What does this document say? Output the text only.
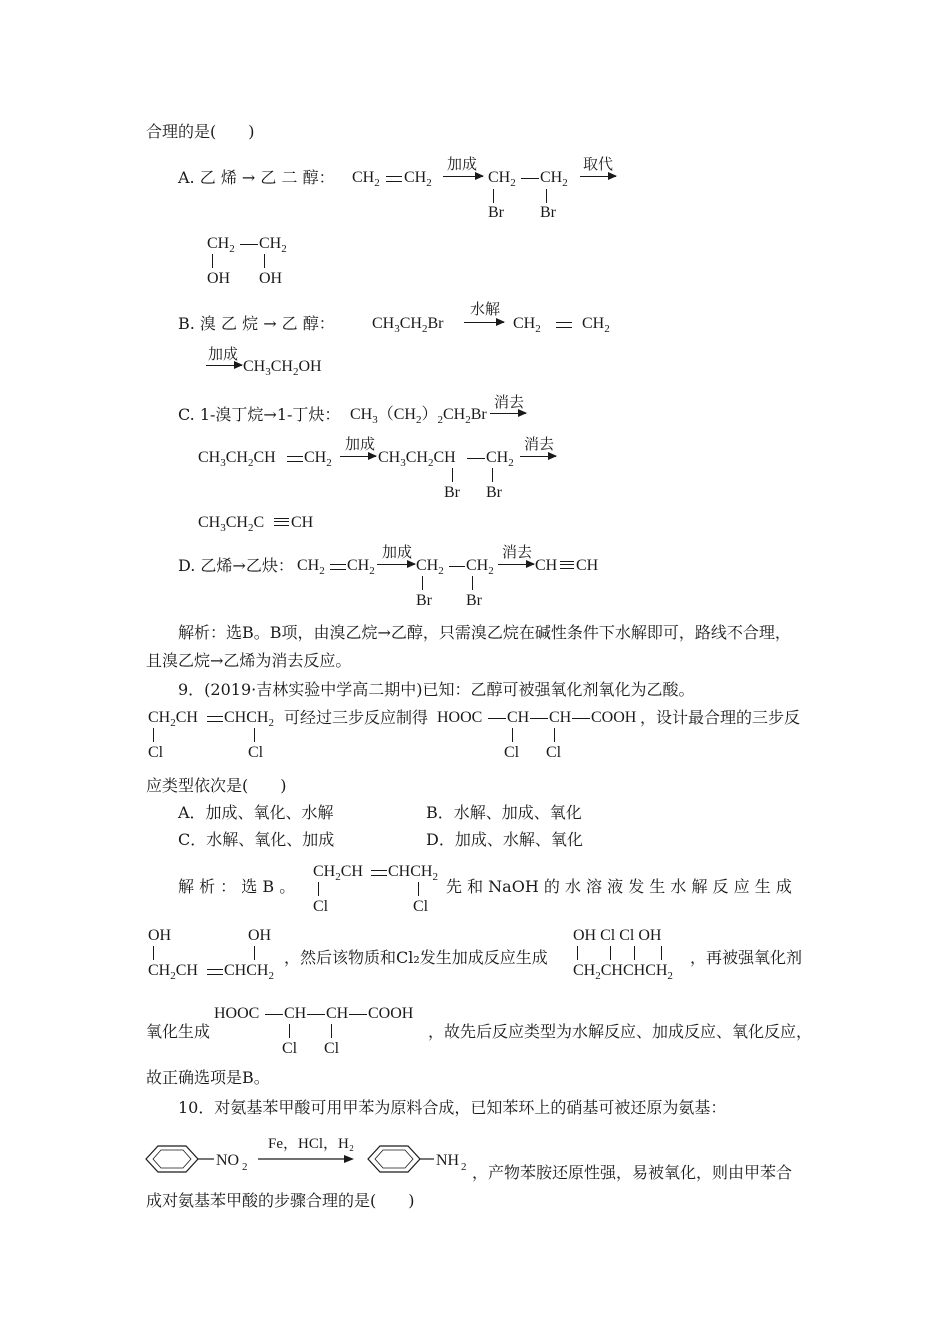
合理的是(　　)
A. 乙 烯 → 乙 二 醇： $CH_2$ $CH_2$
加成
→ $CH_2$ $CH_2$
Br Br
取代
$CH_2$ $CH_2$
OH OH
B. 溴 乙 烷 → 乙 醇： $CH_3CH_2Br$
水解
→ $CH_2$	$CH_2$
加成
→ $CH_3CH_2OH$
C. 1-溴丁烷→1-丁炔： $CH_3(CH_2)_2CH_2Br$
消去
$CH_3CH_2CH$ $CH_2$
加成
→ $CH_3CH_2CH$ $CH_2$
Br Br
消去
$CH_3CH_2C$ CH
D. 乙烯→乙炔： $CH_2$ $CH_2$
加成
→ $CH_2$ $CH_2$
Br Br
消去
→ CH CH
解析：选B。B项，由溴乙烷→乙醇，只需溴乙烷在碱性条件下水解即可，路线不合理，
且溴乙烷→乙烯为消去反应。
9．(2019·吉林实验中学高二期中)已知：乙醇可被强氧化剂氧化为乙酸。
$CH_2CH$ $CHCH_2$
Cl	Cl
可经过三步反应制得 HOOC CH CH COOH
Cl Cl
，设计最合理的三步反
应类型依次是(　　)
A．加成、氧化、水解	B．水解、加成、氧化
C．水解、氧化、加成	D．加成、水解、氧化
解 析 ： 选 B 。
$CH_2CH$ $CHCH_2$
Cl	Cl
先 和 NaOH 的 水 溶 液 发 生 水 解 反 应 生 成
OH	OH
$CH_2CH$ $CHCH_2$
，然后该物质和Cl₂发生加成反应生成
OH Cl Cl OH
$CH_2CHCHCH_2$
，再被强氧化剂
氧化生成
HOOC CH CH COOH
Cl Cl
，故先后反应类型为水解反应、加成反应、氧化反应，
故正确选项是B。
10．对氨基苯甲酸可用甲苯为原料合成，已知苯环上的硝基可被还原为氨基：
NO 2
Fe，HCl，H₂
NH 2 ，产物苯胺还原性强，易被氧化，则由甲苯合
成对氨基苯甲酸的步骤合理的是(　　)
